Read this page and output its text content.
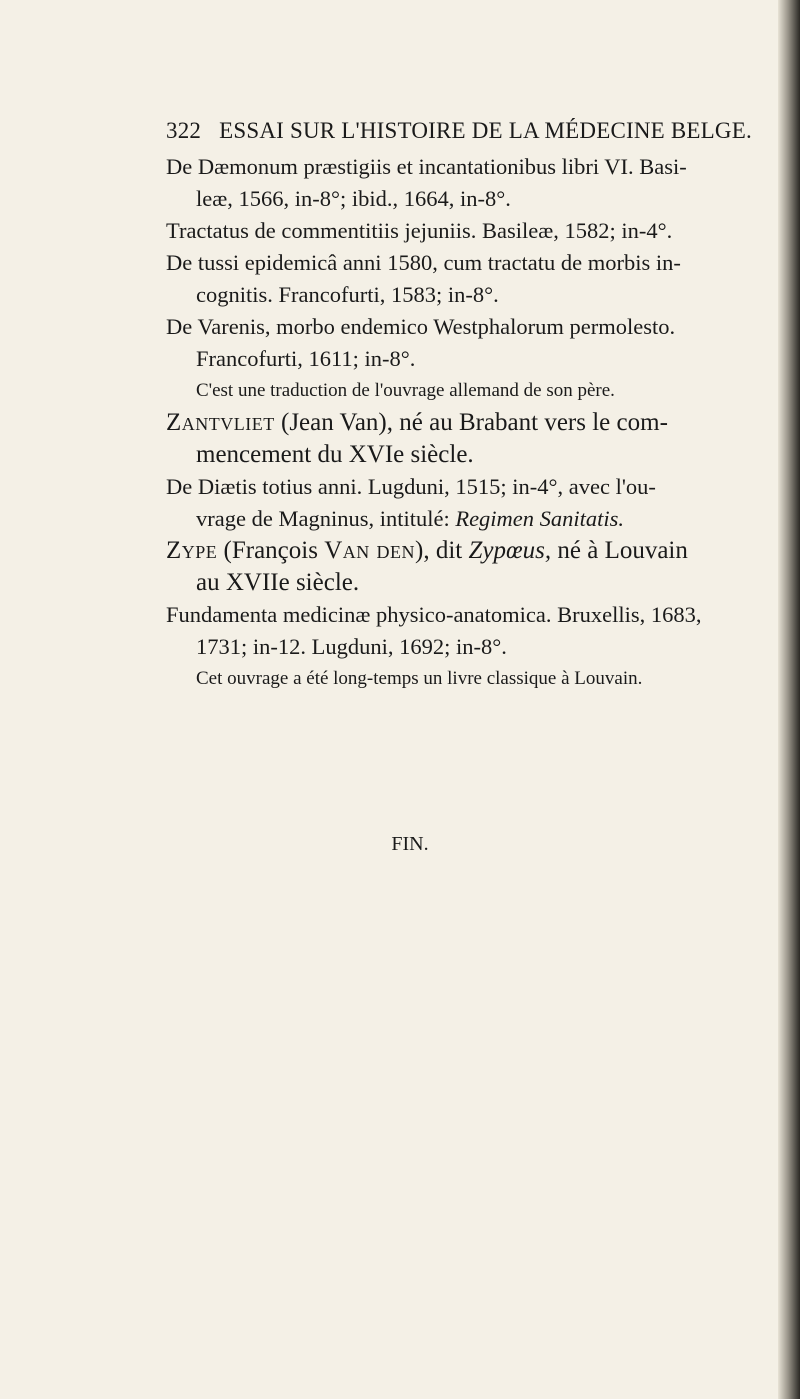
322 ESSAI SUR L'HISTOIRE DE LA MÉDECINE BELGE.
De Dæmonum præstigiis et incantationibus libri VI. Basi-
leæ, 1566, in-8°; ibid., 1664, in-8°.
Tractatus de commentitiis jejuniis. Basileæ, 1582; in-4°.
De tussi epidemicâ anni 1580, cum tractatu de morbis in-
cognitis. Francofurti, 1583; in-8°.
De Varenis, morbo endemico Westphalorum permolesto.
Francofurti, 1611; in-8°.
C'est une traduction de l'ouvrage allemand de son père.
Zantvliet (Jean Van), né au Brabant vers le com-
mencement du XVIe siècle.
De Diætis totius anni. Lugduni, 1515; in-4°, avec l'ou-
vrage de Magninus, intitulé: Regimen Sanitatis.
Zype (François Van den), dit Zypœus, né à Louvain
au XVIIe siècle.
Fundamenta medicinæ physico-anatomica. Bruxellis, 1683,
1731; in-12. Lugduni, 1692; in-8°.
Cet ouvrage a été long-temps un livre classique à Louvain.
FIN.
